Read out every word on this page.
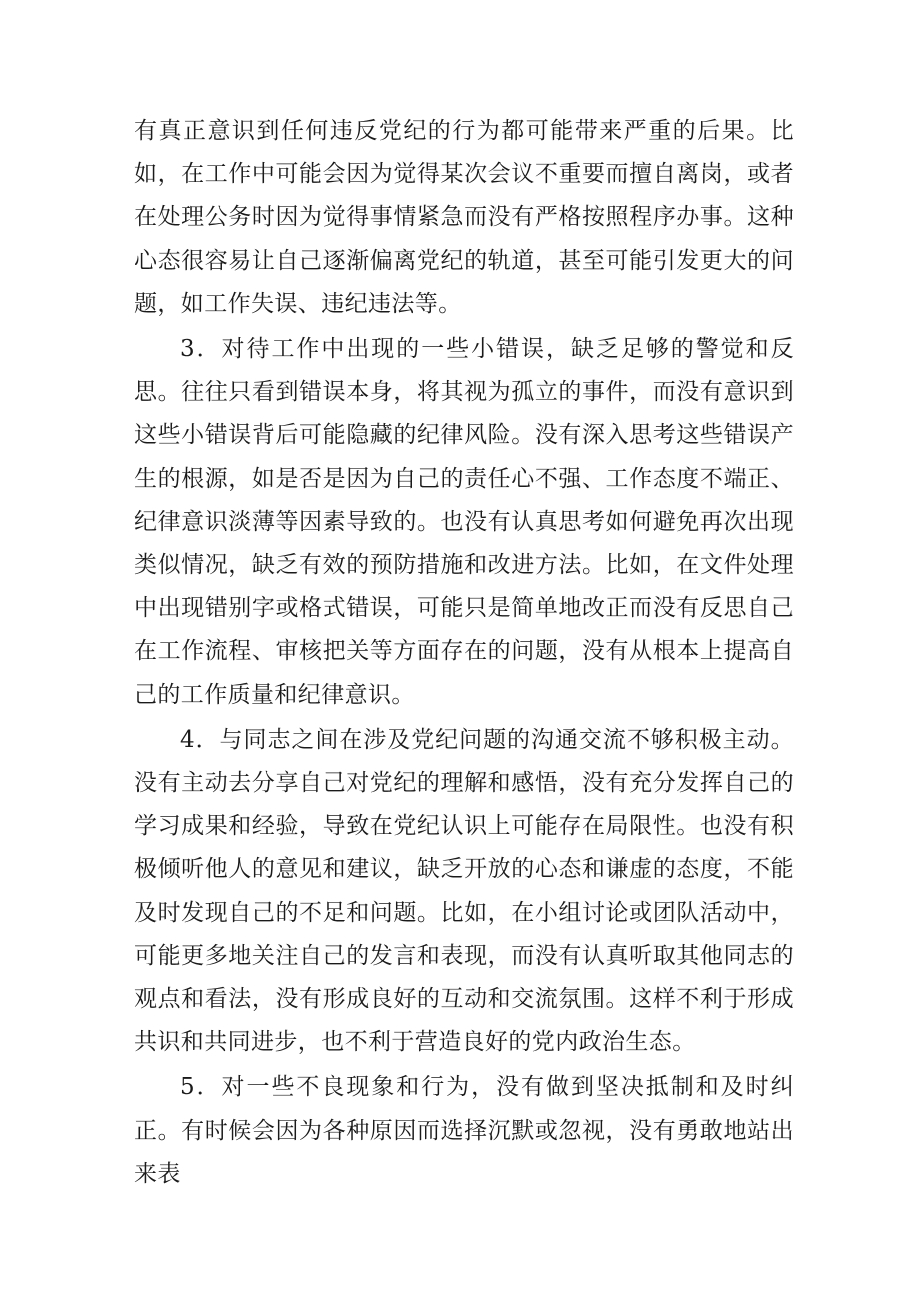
有真正意识到任何违反党纪的行为都可能带来严重的后果。比如，在工作中可能会因为觉得某次会议不重要而擅自离岗，或者在处理公务时因为觉得事情紧急而没有严格按照程序办事。这种心态很容易让自己逐渐偏离党纪的轨道，甚至可能引发更大的问题，如工作失误、违纪违法等。

3．对待工作中出现的一些小错误，缺乏足够的警觉和反思。往往只看到错误本身，将其视为孤立的事件，而没有意识到这些小错误背后可能隐藏的纪律风险。没有深入思考这些错误产生的根源，如是否是因为自己的责任心不强、工作态度不端正、纪律意识淡薄等因素导致的。也没有认真思考如何避免再次出现类似情况，缺乏有效的预防措施和改进方法。比如，在文件处理中出现错别字或格式错误，可能只是简单地改正而没有反思自己在工作流程、审核把关等方面存在的问题，没有从根本上提高自己的工作质量和纪律意识。

4．与同志之间在涉及党纪问题的沟通交流不够积极主动。没有主动去分享自己对党纪的理解和感悟，没有充分发挥自己的学习成果和经验，导致在党纪认识上可能存在局限性。也没有积极倾听他人的意见和建议，缺乏开放的心态和谦虚的态度，不能及时发现自己的不足和问题。比如，在小组讨论或团队活动中，可能更多地关注自己的发言和表现，而没有认真听取其他同志的观点和看法，没有形成良好的互动和交流氛围。这样不利于形成共识和共同进步，也不利于营造良好的党内政治生态。

5．对一些不良现象和行为，没有做到坚决抵制和及时纠正。有时候会因为各种原因而选择沉默或忽视，没有勇敢地站出来表
